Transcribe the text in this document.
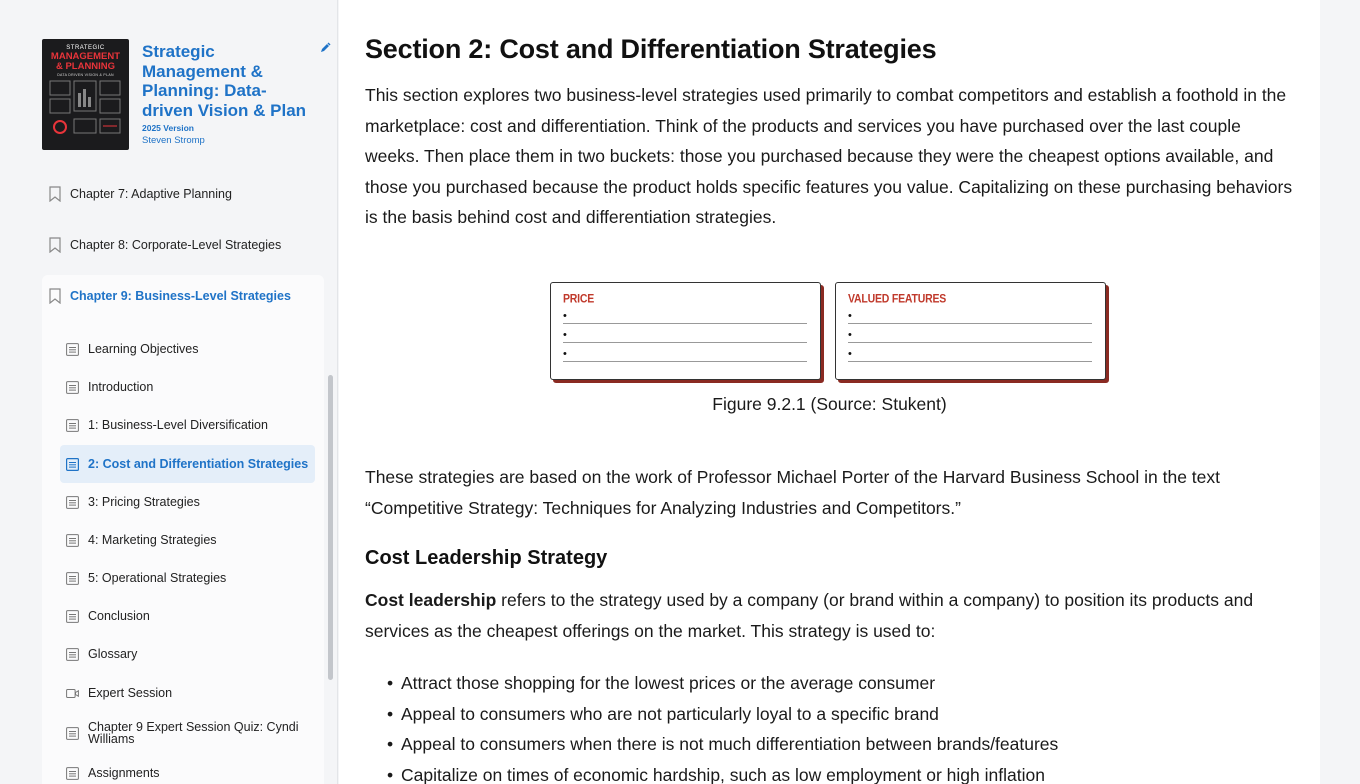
STRATEGIC
MANAGEMENT
& PLANNING
DATA DRIVEN VISION & PLAN
Strategic Management & Planning: Data-driven Vision & Plan
2025 Version
Steven Stromp
Chapter 7: Adaptive Planning
Chapter 8: Corporate-Level Strategies
Chapter 9: Business-Level Strategies
Learning Objectives
Introduction
1: Business-Level Diversification
2: Cost and Differentiation Strategies
3: Pricing Strategies
4: Marketing Strategies
5: Operational Strategies
Conclusion
Glossary
Expert Session
Chapter 9 Expert Session Quiz: Cyndi Williams
Assignments
Section 2: Cost and Differentiation Strategies

This section explores two business-level strategies used primarily to combat competitors and establish a foothold in the marketplace: cost and differentiation. Think of the products and services you have purchased over the last couple weeks. Then place them in two buckets: those you purchased because they were the cheapest options available, and those you purchased because the product holds specific features you value. Capitalizing on these purchasing behaviors is the basis behind cost and differentiation strategies.

PRICE
•
•
•
VALUED FEATURES
•
•
•
Figure 9.2.1 (Source: Stukent)

These strategies are based on the work of Professor Michael Porter of the Harvard Business School in the text “Competitive Strategy: Techniques for Analyzing Industries and Competitors.”

Cost Leadership Strategy

Cost leadership refers to the strategy used by a company (or brand within a company) to position its products and services as the cheapest offerings on the market. This strategy is used to:

• Attract those shopping for the lowest prices or the average consumer
• Appeal to consumers who are not particularly loyal to a specific brand
• Appeal to consumers when there is not much differentiation between brands/features
• Capitalize on times of economic hardship, such as low employment or high inflation
